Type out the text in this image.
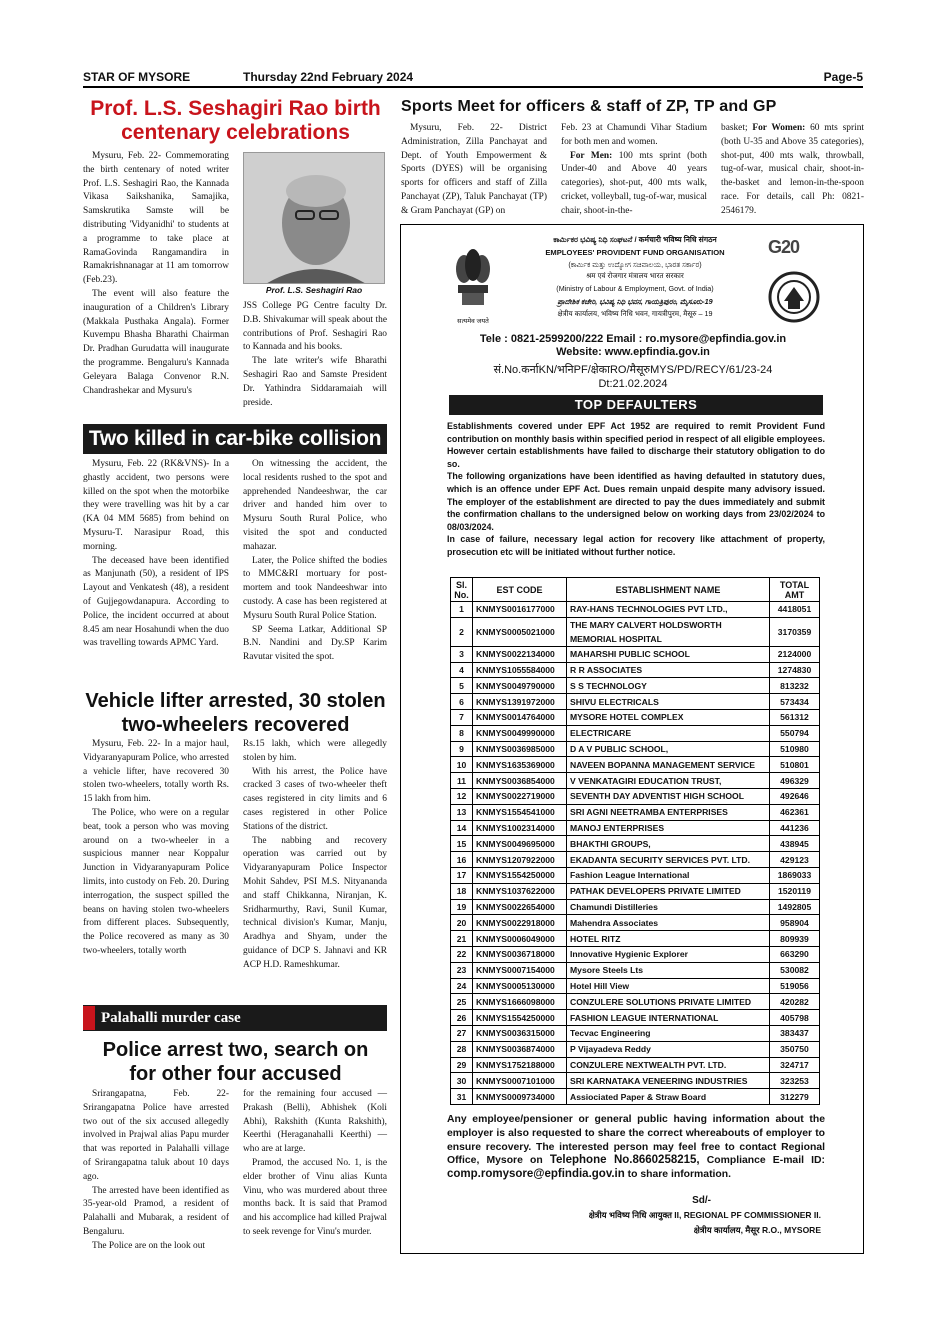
STAR OF MYSORE	Thursday 22nd February 2024	Page-5
Prof. L.S. Seshagiri Rao birth
centenary celebrations

Mysuru, Feb. 22- Commemorating the birth centenary of noted writer Prof. L.S. Seshagiri Rao, the Kannada Vikasa Saikshanika, Samajika, Samskrutika Samste will be distributing 'Vidyanidhi' to students at a programme to take place at RamaGovinda Rangamandira in Ramakrishnanagar at 11 am tomorrow (Feb.23).

The event will also feature the inauguration of a Children's Library (Makkala Pusthaka Angala). Former Kuvempu Bhasha Bharathi Chairman Dr. Pradhan Gurudatta will inaugurate the programme. Bengaluru's Kannada Geleyara Balaga Convenor R.N. Chandrashekar and Mysuru's

Prof. L.S. Seshagiri Rao

JSS College PG Centre faculty Dr. D.B. Shivakumar will speak about the contributions of Prof. Seshagiri Rao to Kannada and his books.

The late writer's wife Bharathi Seshagiri Rao and Samste President Dr. Yathindra Siddaramaiah will preside.

Sports Meet for officers & staff of ZP, TP and GP

Mysuru, Feb. 22- District Administration, Zilla Panchayat and Dept. of Youth Empowerment & Sports (DYES) will be organising sports for officers and staff of Zilla Panchayat (ZP), Taluk Panchayat (TP) & Gram Panchayat (GP) on

Feb. 23 at Chamundi Vihar Stadium for both men and women.

For Men: 100 mts sprint (both Under-40 and Above 40 years categories), shot-put, 400 mts walk, cricket, volleyball, tug-of-war, musical chair, shoot-in-the-

basket; For Women: 60 mts sprint (both U-35 and Above 35 categories), shot-put, 400 mts walk, throwball, tug-of-war, musical chair, shoot-in-the-basket and lemon-in-the-spoon race. For details, call Ph: 0821-2546179.

Two killed in car-bike collision

Mysuru, Feb. 22 (RK&VNS)- In a ghastly accident, two persons were killed on the spot when the motorbike they were travelling was hit by a car (KA 04 MM 5685) from behind on Mysuru-T. Narasipur Road, this morning.

The deceased have been identified as Manjunath (50), a resident of IPS Layout and Venkatesh (48), a resident of Gujjegowdanapura. According to Police, the incident occurred at about 8.45 am near Hosahundi when the duo was travelling towards APMC Yard.

On witnessing the accident, the local residents rushed to the spot and apprehended Nandeeshwar, the car driver and handed him over to Mysuru South Rural Police, who visited the spot and conducted mahazar.

Later, the Police shifted the bodies to MMC&RI mortuary for post-mortem and took Nandeeshwar into custody. A case has been registered at Mysuru South Rural Police Station.

SP Seema Latkar, Additional SP B.N. Nandini and Dy.SP Karim Ravutar visited the spot.

Vehicle lifter arrested, 30 stolen
two-wheelers recovered

Mysuru, Feb. 22- In a major haul, Vidyaranyapuram Police, who arrested a vehicle lifter, have recovered 30 stolen two-wheelers, totally worth Rs. 15 lakh from him.

The Police, who were on a regular beat, took a person who was moving around on a two-wheeler in a suspicious manner near Koppalur Junction in Vidyaranyapuram Police limits, into custody on Feb. 20. During interrogation, the suspect spilled the beans on having stolen two-wheelers from different places. Subsequently, the Police recovered as many as 30 two-wheelers, totally worth

Rs.15 lakh, which were allegedly stolen by him.

With his arrest, the Police have cracked 3 cases of two-wheeler theft cases registered in city limits and 6 cases registered in other Police Stations of the district.

The nabbing and recovery operation was carried out by Vidyaranyapuram Police Inspector Mohit Sahdev, PSI M.S. Nityananda and staff Chikkanna, Niranjan, K. Sridharmurthy, Ravi, Sunil Kumar, technical division's Kumar, Manju, Aradhya and Shyam, under the guidance of DCP S. Jahnavi and KR ACP H.D. Rameshkumar.

Palahalli murder case
Police arrest two, search on
for other four accused

Srirangapatna, Feb. 22- Srirangapatna Police have arrested two out of the six accused allegedly involved in Prajwal alias Papu murder that was reported in Palahalli village of Srirangapatna taluk about 10 days ago.

The arrested have been identified as 35-year-old Pramod, a resident of Palahalli and Mubarak, a resident of Bengaluru.

The Police are on the look out

for the remaining four accused — Prakash (Belli), Abhishek (Koli Abhi), Rakshith (Kunta Rakshith), Keerthi (Heraganahalli Keerthi) — who are at large.

Pramod, the accused No. 1, is the elder brother of Vinu alias Kunta Vinu, who was murdered about three months back. It is said that Pramod and his accomplice had killed Prajwal to seek revenge for Vinu's murder.

सत्यमेव जयते
G20
ಕಾರ್ಮಿಕರ ಭವಿಷ್ಯ ನಿಧಿ ಸಂಘಟನೆ / कर्मचारी भविष्य निधि संगठन
EMPLOYEES' PROVIDENT FUND ORGANISATION
(ಕಾರ್ಮಿಕ ಮತ್ತು ಉದ್ಯೋಗ ಸಚಿವಾಲಯ, ಭಾರತ ಸರ್ಕಾರ)
श्रम एवं रोजगार मंत्रालय भारत सरकार
(Ministry of Labour & Employment, Govt. of India)
ಪ್ರಾದೇಶಿಕ ಕಚೇರಿ, ಭವಿಷ್ಯ ನಿಧಿ ಭವನ, ಗಾಯತ್ರಿಪುರಂ, ಮೈಸೂರು-19
क्षेत्रीय कार्यालय, भविष्य निधि भवन, गायत्रीपुरम, मैसूरु – 19
Tele : 0821-2599200/222 Email : ro.mysore@epfindia.gov.in
Website: www.epfindia.gov.in
सं.No.कर्नाKN/भनिPF/क्षेकाRO/मैसूरुMYS/PD/RECY/61/23-24
Dt:21.02.2024
TOP DEFAULTERS

Establishments covered under EPF Act 1952 are required to remit Provident Fund contribution on monthly basis within specified period in respect of all eligible employees. However certain establishments have failed to discharge their statutory obligation to do so.

The following organizations have been identified as having defaulted in statutory dues, which is an offence under EPF Act. Dues remain unpaid despite many advisory issued. The employer of the establishment are directed to pay the dues immediately and submit the confirmation challans to the undersigned below on working days from 23/02/2024 to 08/03/2024.

In case of failure, necessary legal action for recovery like attachment of property, prosecution etc will be initiated without further notice.

Sl. No.	EST CODE	ESTABLISHMENT NAME	TOTAL AMT
1	KNMYS0016177000	RAY-HANS TECHNOLOGIES PVT LTD.,	4418051
2	KNMYS0005021000	THE MARY CALVERT HOLDSWORTH MEMORIAL HOSPITAL	3170359
3	KNMYS0022134000	MAHARSHI PUBLIC SCHOOL	2124000
4	KNMYS1055584000	R R ASSOCIATES	1274830
5	KNMYS0049790000	S S TECHNOLOGY	813232
6	KNMYS1391972000	SHIVU ELECTRICALS	573434
7	KNMYS0014764000	MYSORE HOTEL COMPLEX	561312
8	KNMYS0049990000	ELECTRICARE	550794
9	KNMYS0036985000	D A V PUBLIC SCHOOL,	510980
10	KNMYS1635369000	NAVEEN BOPANNA MANAGEMENT SERVICE	510801
11	KNMYS0036854000	V VENKATAGIRI EDUCATION TRUST,	496329
12	KNMYS0022719000	SEVENTH DAY ADVENTIST HIGH SCHOOL	492646
13	KNMYS1554541000	SRI AGNI NEETRAMBA ENTERPRISES	462361
14	KNMYS1002314000	MANOJ ENTERPRISES	441236
15	KNMYS0049695000	BHAKTHI GROUPS,	438945
16	KNMYS1207922000	EKADANTA SECURITY SERVICES PVT. LTD.	429123
17	KNMYS1554250000	Fashion League International	1869033
18	KNMYS1037622000	PATHAK DEVELOPERS PRIVATE LIMITED	1520119
19	KNMYS0022654000	Chamundi Distilleries	1492805
20	KNMYS0022918000	Mahendra Associates	958904
21	KNMYS0006049000	HOTEL RITZ	809939
22	KNMYS0036718000	Innovative Hygienic Explorer	663290
23	KNMYS0007154000	Mysore Steels Lts	530082
24	KNMYS0005130000	Hotel Hill View	519056
25	KNMYS1666098000	CONZULERE SOLUTIONS PRIVATE LIMITED	420282
26	KNMYS1554250000	FASHION LEAGUE INTERNATIONAL	405798
27	KNMYS0036315000	Tecvac Engineering	383437
28	KNMYS0036874000	P Vijayadeva Reddy	350750
29	KNMYS1752188000	CONZULERE NEXTWEALTH PVT. LTD.	324717
30	KNMYS0007101000	SRI KARNATAKA VENEERING INDUSTRIES	323253
31	KNMYS0009734000	Assiociated Paper & Straw Board	312279
Any employee/pensioner or general public having information about the employer is also requested to share the correct whereabouts of employer to ensure recovery. The interested person may feel free to contact Regional Office, Mysore on Telephone No.8660258215, Compliance E-mail ID: comp.romysore@epfindia.gov.in to share information.
Sd/-
क्षेत्रीय भविष्य निधि आयुक्त II, REGIONAL PF COMMISSIONER II.
क्षेत्रीय कार्यालय, मैसूर R.O., MYSORE
